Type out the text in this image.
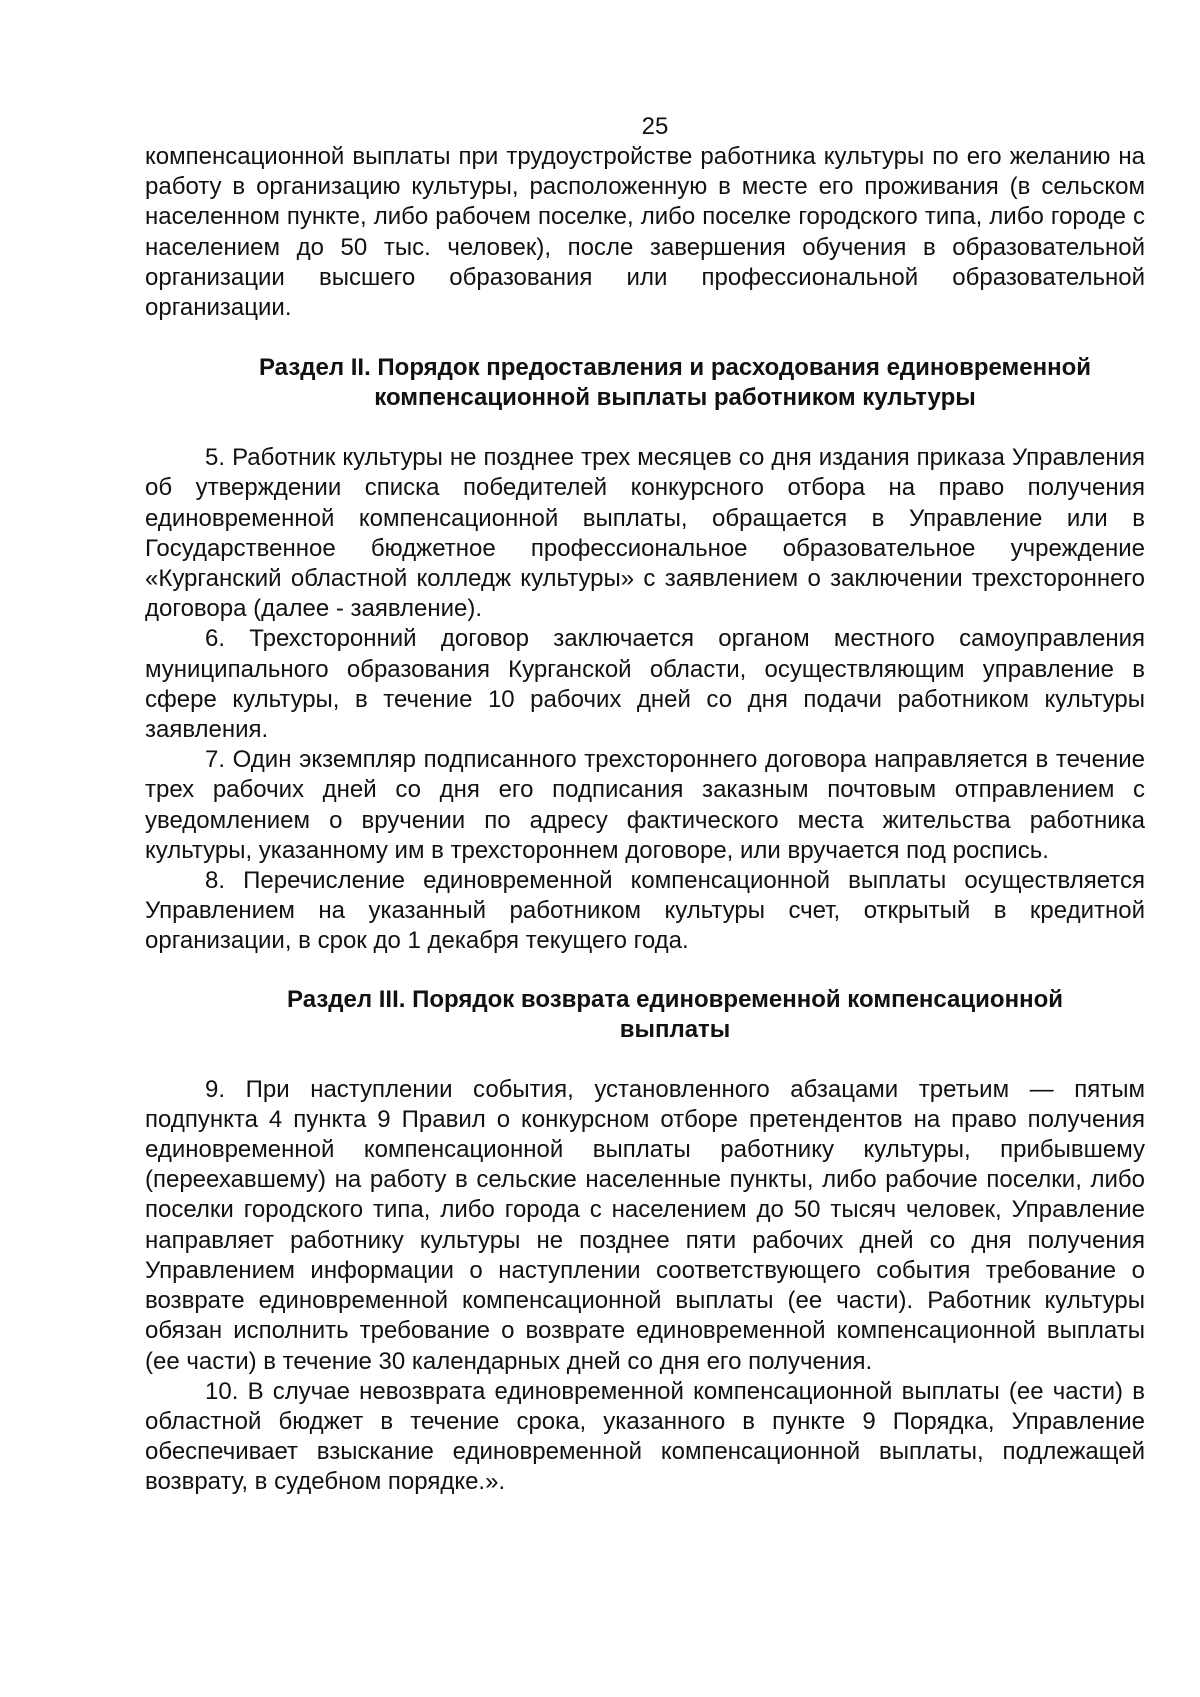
25

компенсационной выплаты при трудоустройстве работника культуры по его желанию на работу в организацию культуры, расположенную в месте его проживания (в сельском населенном пункте, либо рабочем поселке, либо поселке городского типа, либо городе с населением до 50 тыс. человек), после завершения обучения в образовательной организации высшего образования или профессиональной образовательной организации.

Раздел II. Порядок предоставления и расходования единовременной
компенсационной выплаты работником культуры

5. Работник культуры не позднее трех месяцев со дня издания приказа Управления об утверждении списка победителей конкурсного отбора на право получения единовременной компенсационной выплаты, обращается в Управление или в Государственное бюджетное профессиональное образовательное учреждение «Курганский областной колледж культуры» с заявлением о заключении трехстороннего договора (далее - заявление).

6. Трехсторонний договор заключается органом местного самоуправления муниципального образования Курганской области, осуществляющим управление в сфере культуры, в течение 10 рабочих дней со дня подачи работником культуры заявления.

7. Один экземпляр подписанного трехстороннего договора направляется в течение трех рабочих дней со дня его подписания заказным почтовым отправлением с уведомлением о вручении по адресу фактического места жительства работника культуры, указанному им в трехстороннем договоре, или вручается под роспись.

8. Перечисление единовременной компенсационной выплаты осуществляется Управлением на указанный работником культуры счет, открытый в кредитной организации, в срок до 1 декабря текущего года.

Раздел III. Порядок возврата единовременной компенсационной
выплаты

9. При наступлении события, установленного абзацами третьим — пятым подпункта 4 пункта 9 Правил о конкурсном отборе претендентов на право получения единовременной компенсационной выплаты работнику культуры, прибывшему (переехавшему) на работу в сельские населенные пункты, либо рабочие поселки, либо поселки городского типа, либо города с населением до 50 тысяч человек, Управление направляет работнику культуры не позднее пяти рабочих дней со дня получения Управлением информации о наступлении соответствующего события требование о возврате единовременной компенсационной выплаты (ее части). Работник культуры обязан исполнить требование о возврате единовременной компенсационной выплаты (ее части) в течение 30 календарных дней со дня его получения.

10. В случае невозврата единовременной компенсационной выплаты (ее части) в областной бюджет в течение срока, указанного в пункте 9 Порядка, Управление обеспечивает взыскание единовременной компенсационной выплаты, подлежащей возврату, в судебном порядке.».
